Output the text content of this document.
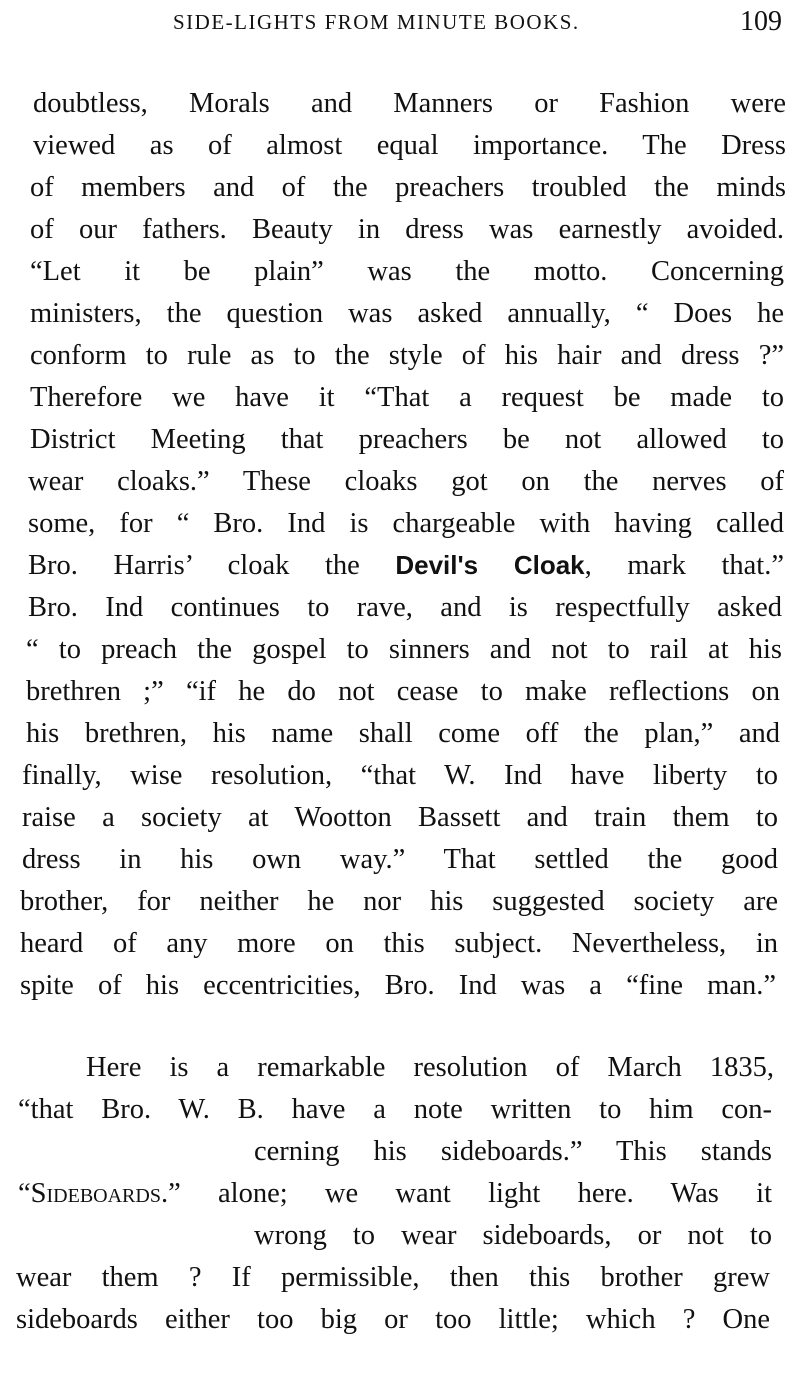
SIDE-LIGHTS FROM MINUTE BOOKS.	109
doubtless, Morals and Manners or Fashion were
viewed as of almost equal importance. The Dress
of members and of the preachers troubled the minds
of our fathers. Beauty in dress was earnestly avoided.
“Let it be plain” was the motto. Concerning
ministers, the question was asked annually, “ Does he
conform to rule as to the style of his hair and dress ?”
Therefore we have it “That a request be made to
District Meeting that preachers be not allowed to
wear cloaks.” These cloaks got on the nerves of
some, for “ Bro. Ind is chargeable with having called
Bro. Harris’ cloak the Devil's Cloak, mark that.”
Bro. Ind continues to rave, and is respectfully asked
“ to preach the gospel to sinners and not to rail at his
brethren ;” “if he do not cease to make reflections on
his brethren, his name shall come off the plan,” and
finally, wise resolution, “that W. Ind have liberty to
raise a society at Wootton Bassett and train them to
dress in his own way.” That settled the good
brother, for neither he nor his suggested society are
heard of any more on this subject. Nevertheless, in
spite of his eccentricities, Bro. Ind was a “fine man.”
Here is a remarkable resolution of March 1835,
“that Bro. W. B. have a note written to him con-
cerning his sideboards.” This stands
“Sideboards.” alone; we want light here. Was it
wrong to wear sideboards, or not to
wear them ? If permissible, then this brother grew
sideboards either too big or too little; which ? One
